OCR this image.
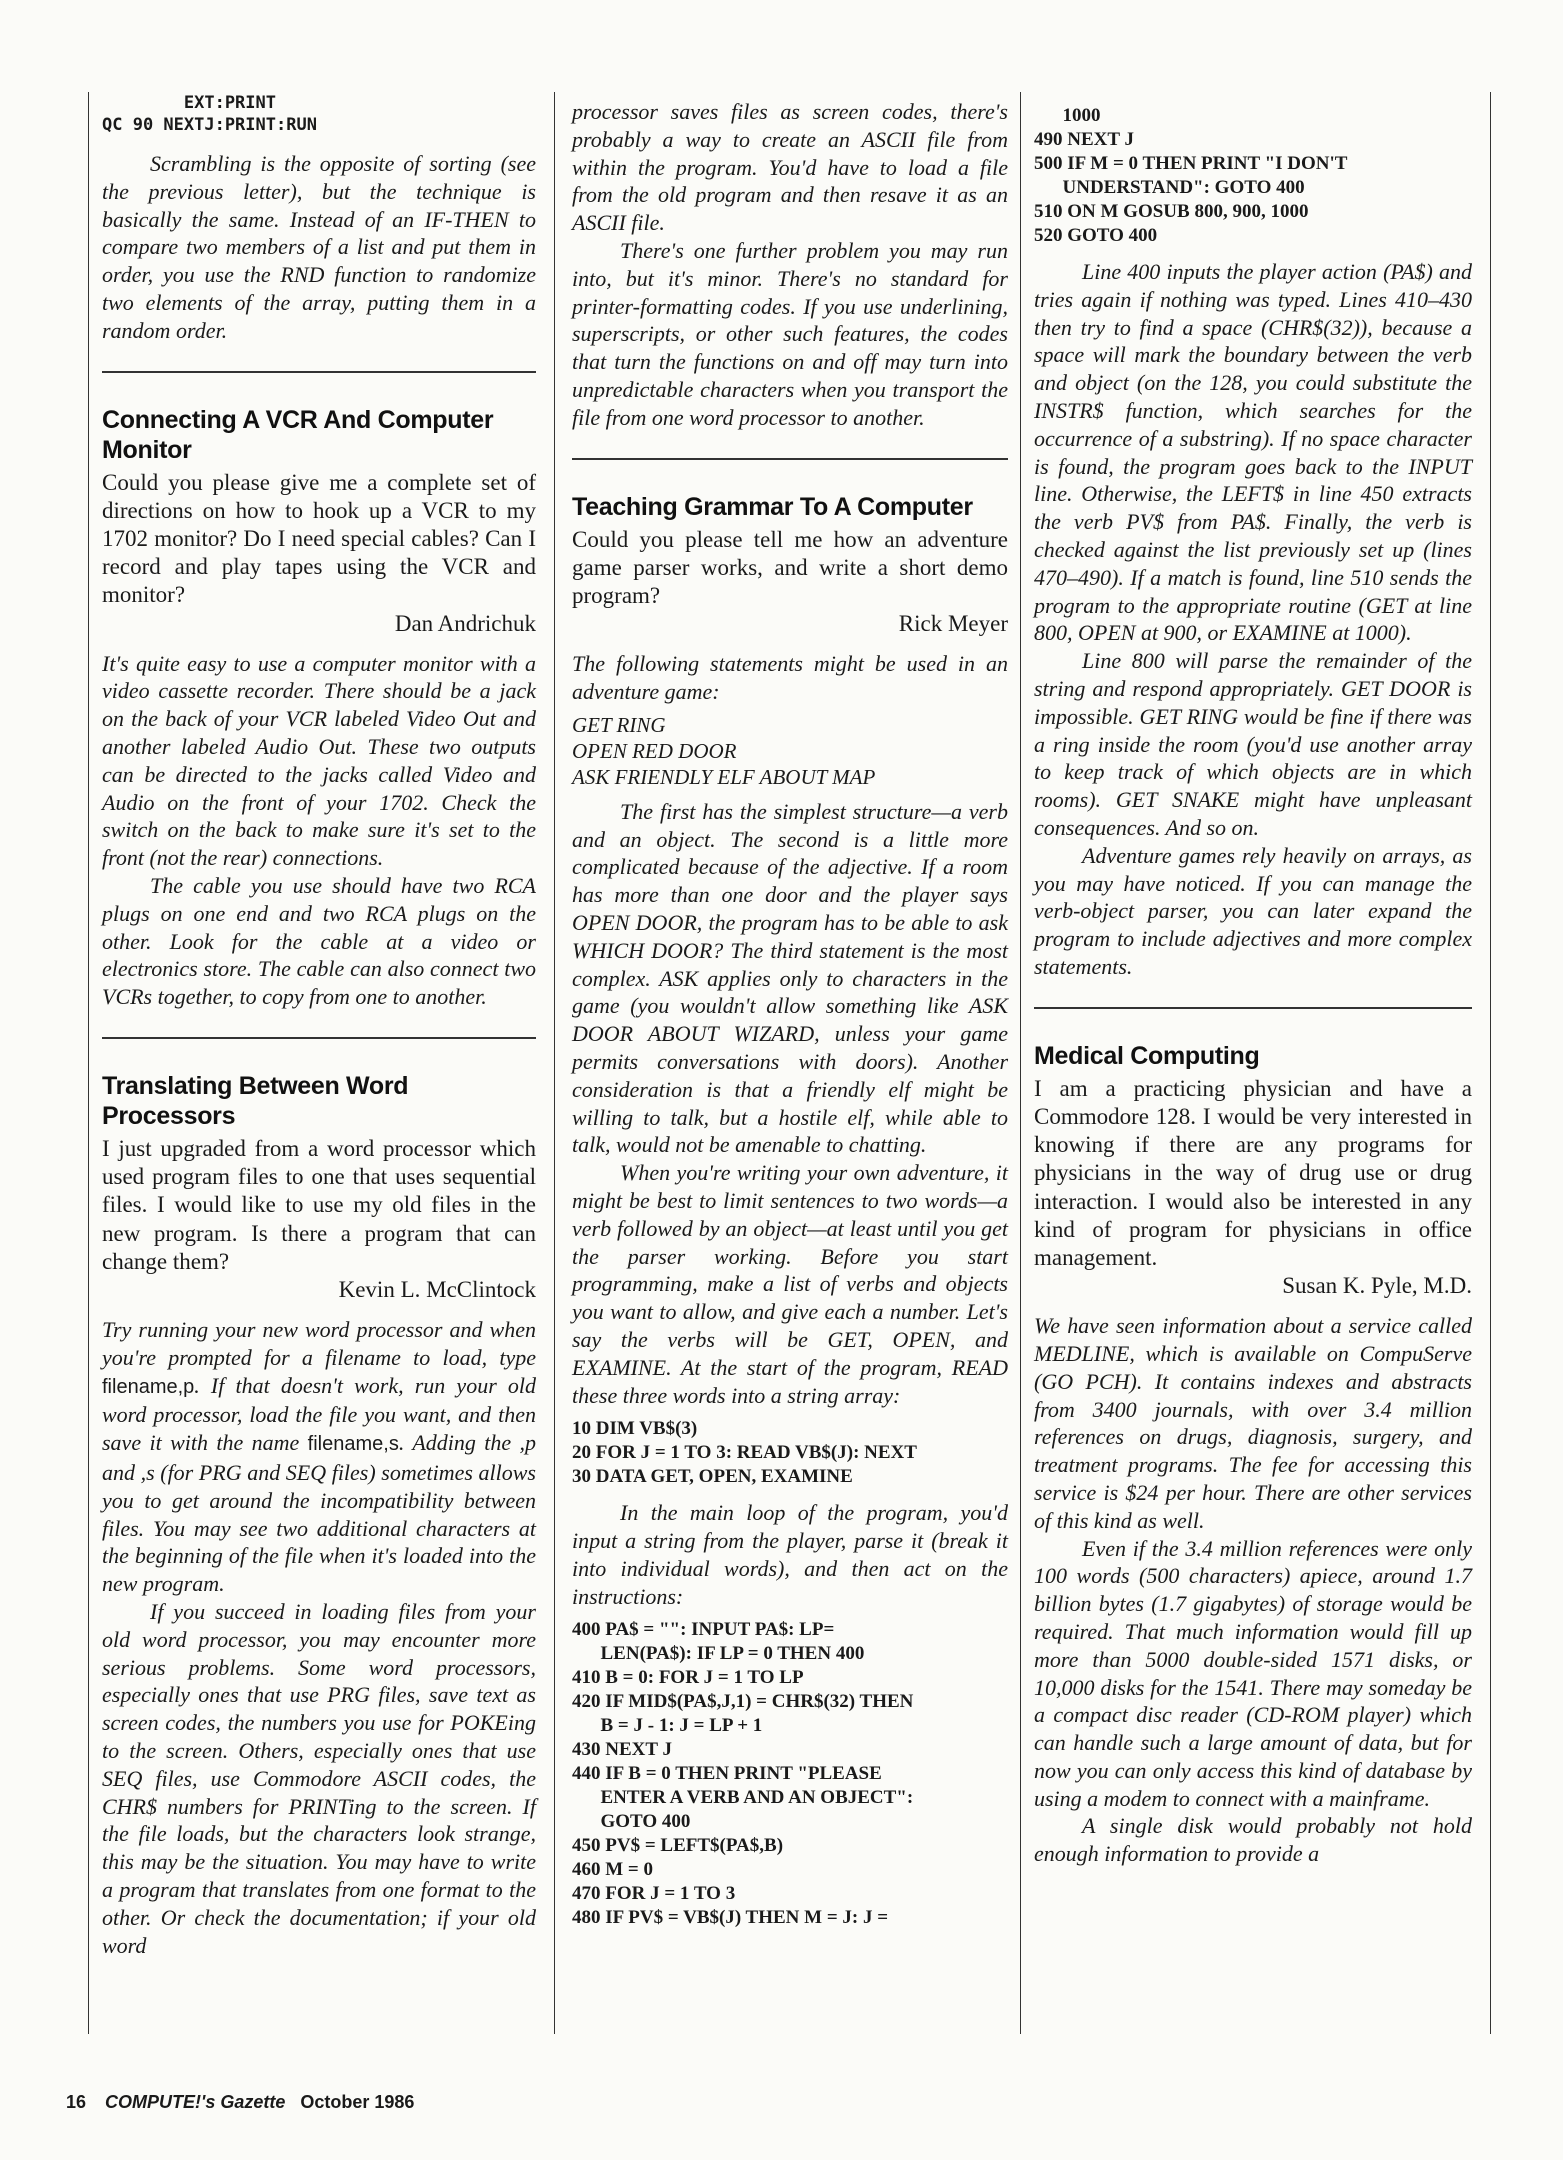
EXT:PRINT

QC 90 NEXTJ:PRINT:RUN

Scrambling is the opposite of sorting (see the previous letter), but the technique is basically the same. Instead of an IF-THEN to compare two members of a list and put them in order, you use the RND function to randomize two elements of the array, putting them in a random order.

Connecting A VCR And Computer Monitor

Could you please give me a complete set of directions on how to hook up a VCR to my 1702 monitor? Do I need special cables? Can I record and play tapes using the VCR and monitor?

Dan Andrichuk

It's quite easy to use a computer monitor with a video cassette recorder. There should be a jack on the back of your VCR labeled Video Out and another labeled Audio Out. These two outputs can be directed to the jacks called Video and Audio on the front of your 1702. Check the switch on the back to make sure it's set to the front (not the rear) connections.

The cable you use should have two RCA plugs on one end and two RCA plugs on the other. Look for the cable at a video or electronics store. The cable can also connect two VCRs together, to copy from one to another.

Translating Between Word Processors

I just upgraded from a word processor which used program files to one that uses sequential files. I would like to use my old files in the new program. Is there a program that can change them?

Kevin L. McClintock

Try running your new word processor and when you're prompted for a filename to load, type filename,p. If that doesn't work, run your old word processor, load the file you want, and then save it with the name filename,s. Adding the ,p and ,s (for PRG and SEQ files) sometimes allows you to get around the incompatibility between files. You may see two additional characters at the beginning of the file when it's loaded into the new program.

If you succeed in loading files from your old word processor, you may encounter more serious problems. Some word processors, especially ones that use PRG files, save text as screen codes, the numbers you use for POKEing to the screen. Others, especially ones that use SEQ files, use Commodore ASCII codes, the CHR$ numbers for PRINTing to the screen. If the file loads, but the characters look strange, this may be the situation. You may have to write a program that translates from one format to the other. Or check the documentation; if your old word

processor saves files as screen codes, there's probably a way to create an ASCII file from within the program. You'd have to load a file from the old program and then resave it as an ASCII file.

There's one further problem you may run into, but it's minor. There's no standard for printer-formatting codes. If you use underlining, superscripts, or other such features, the codes that turn the functions on and off may turn into unpredictable characters when you transport the file from one word processor to another.

Teaching Grammar To A Computer

Could you please tell me how an adventure game parser works, and write a short demo program?

Rick Meyer

The following statements might be used in an adventure game:

GET RING

OPEN RED DOOR

ASK FRIENDLY ELF ABOUT MAP

The first has the simplest structure—a verb and an object. The second is a little more complicated because of the adjective. If a room has more than one door and the player says OPEN DOOR, the program has to be able to ask WHICH DOOR? The third statement is the most complex. ASK applies only to characters in the game (you wouldn't allow something like ASK DOOR ABOUT WIZARD, unless your game permits conversations with doors). Another consideration is that a friendly elf might be willing to talk, but a hostile elf, while able to talk, would not be amenable to chatting.

When you're writing your own adventure, it might be best to limit sentences to two words—a verb followed by an object—at least until you get the parser working. Before you start programming, make a list of verbs and objects you want to allow, and give each a number. Let's say the verbs will be GET, OPEN, and EXAMINE. At the start of the program, READ these three words into a string array:

10 DIM VB$(3)

20 FOR J = 1 TO 3: READ VB$(J): NEXT

30 DATA GET, OPEN, EXAMINE

In the main loop of the program, you'd input a string from the player, parse it (break it into individual words), and then act on the instructions:

400 PA$ = "": INPUT PA$: LP=

LEN(PA$): IF LP = 0 THEN 400

410 B = 0: FOR J = 1 TO LP

420 IF MID$(PA$,J,1) = CHR$(32) THEN

B = J - 1: J = LP + 1

430 NEXT J

440 IF B = 0 THEN PRINT "PLEASE

ENTER A VERB AND AN OBJECT":

GOTO 400

450 PV$ = LEFT$(PA$,B)

460 M = 0

470 FOR J = 1 TO 3

480 IF PV$ = VB$(J) THEN M = J: J =

1000

490 NEXT J

500 IF M = 0 THEN PRINT "I DON'T

UNDERSTAND": GOTO 400

510 ON M GOSUB 800, 900, 1000

520 GOTO 400

Line 400 inputs the player action (PA$) and tries again if nothing was typed. Lines 410–430 then try to find a space (CHR$(32)), because a space will mark the boundary between the verb and object (on the 128, you could substitute the INSTR$ function, which searches for the occurrence of a substring). If no space character is found, the program goes back to the INPUT line. Otherwise, the LEFT$ in line 450 extracts the verb PV$ from PA$. Finally, the verb is checked against the list previously set up (lines 470–490). If a match is found, line 510 sends the program to the appropriate routine (GET at line 800, OPEN at 900, or EXAMINE at 1000).

Line 800 will parse the remainder of the string and respond appropriately. GET DOOR is impossible. GET RING would be fine if there was a ring inside the room (you'd use another array to keep track of which objects are in which rooms). GET SNAKE might have unpleasant consequences. And so on.

Adventure games rely heavily on arrays, as you may have noticed. If you can manage the verb-object parser, you can later expand the program to include adjectives and more complex statements.

Medical Computing

I am a practicing physician and have a Commodore 128. I would be very interested in knowing if there are any programs for physicians in the way of drug use or drug interaction. I would also be interested in any kind of program for physicians in office management.

Susan K. Pyle, M.D.

We have seen information about a service called MEDLINE, which is available on CompuServe (GO PCH). It contains indexes and abstracts from 3400 journals, with over 3.4 million references on drugs, diagnosis, surgery, and treatment programs. The fee for accessing this service is $24 per hour. There are other services of this kind as well.

Even if the 3.4 million references were only 100 words (500 characters) apiece, around 1.7 billion bytes (1.7 gigabytes) of storage would be required. That much information would fill up more than 5000 double-sided 1571 disks, or 10,000 disks for the 1541. There may someday be a compact disc reader (CD-ROM player) which can handle such a large amount of data, but for now you can only access this kind of database by using a modem to connect with a mainframe.

A single disk would probably not hold enough information to provide a

16 COMPUTE!'s Gazette October 1986
